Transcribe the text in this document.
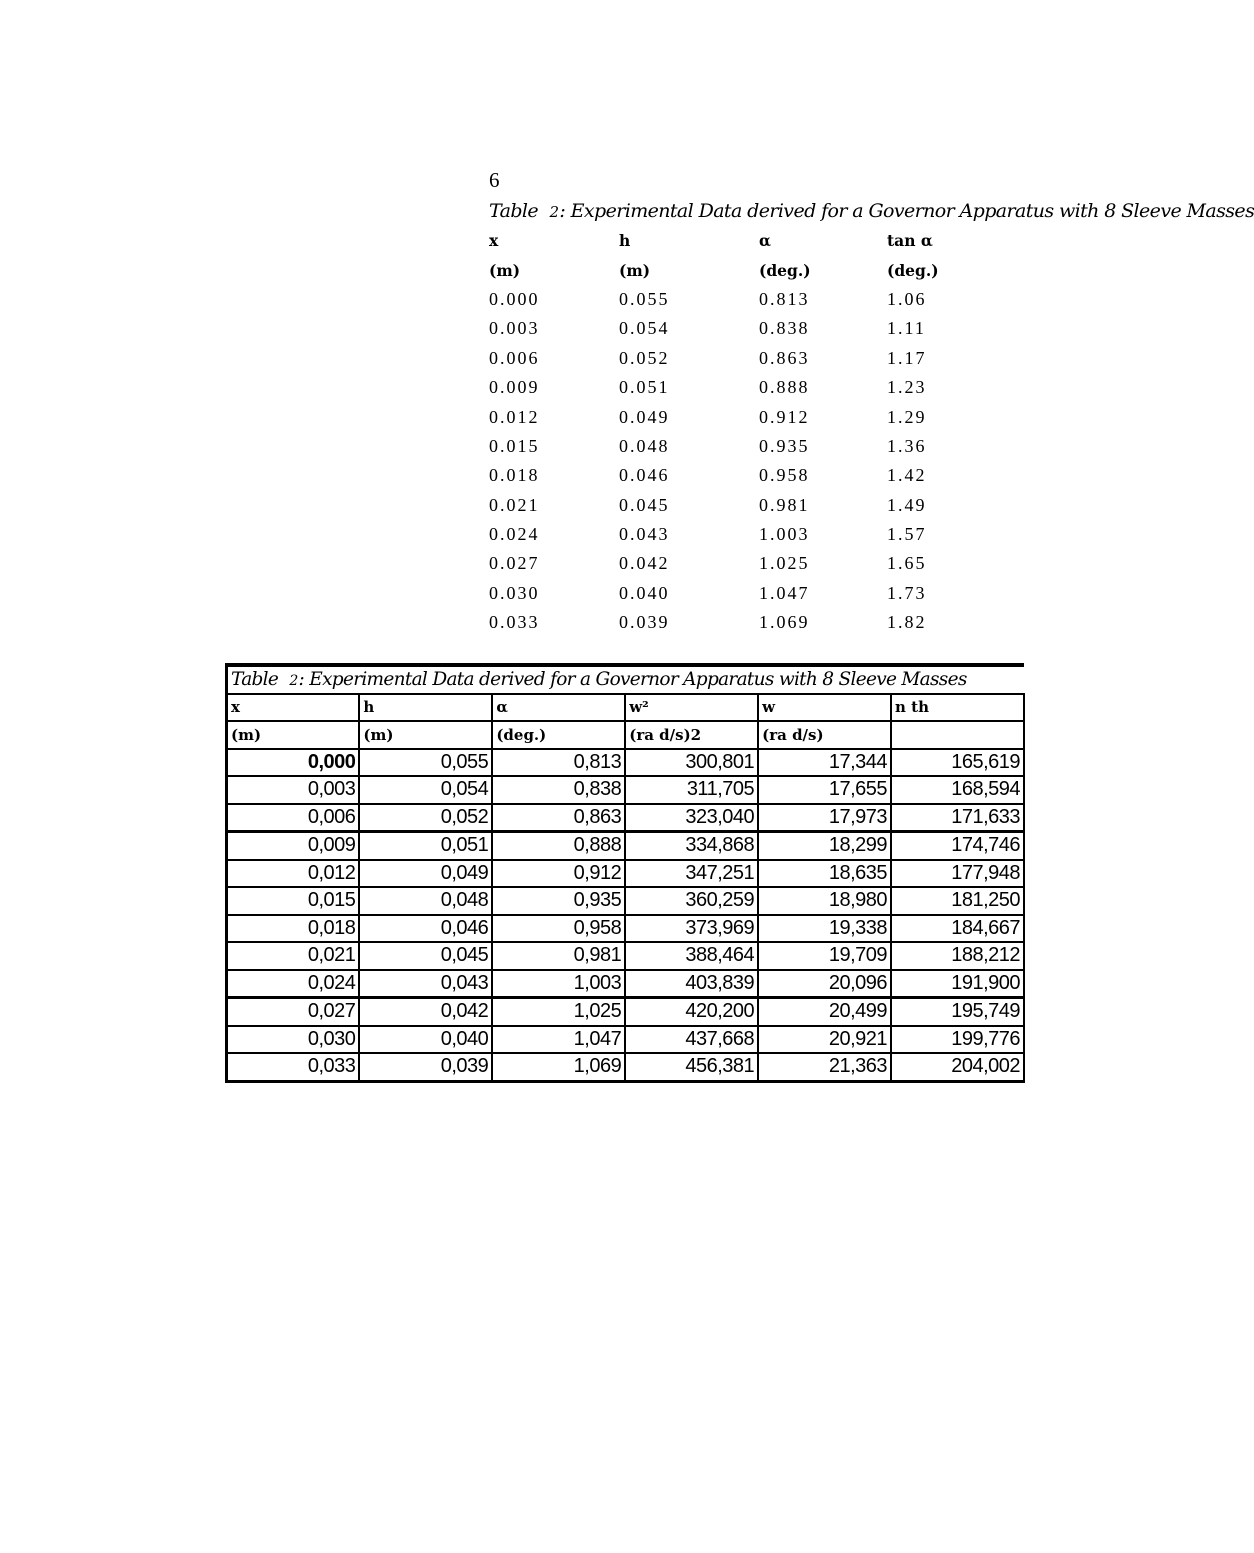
6
Table 2: Experimental Data derived for a Governor Apparatus with 8 Sleeve Masses
x	h	α	tan α
(m)	(m)	(deg.)	(deg.)
0.000	0.055	0.813	1.06
0.003	0.054	0.838	1.11
0.006	0.052	0.863	1.17
0.009	0.051	0.888	1.23
0.012	0.049	0.912	1.29
0.015	0.048	0.935	1.36
0.018	0.046	0.958	1.42
0.021	0.045	0.981	1.49
0.024	0.043	1.003	1.57
0.027	0.042	1.025	1.65
0.030	0.040	1.047	1.73
0.033	0.039	1.069	1.82
Table 2: Experimental Data derived for a Governor Apparatus with 8 Sleeve Masses					
x	h	α	w²	w	n th
(m)	(m)	(deg.)	(ra d/s)2	(ra d/s)	
0,000	0,055	0,813	300,801	17,344	165,619
0,003	0,054	0,838	311,705	17,655	168,594
0,006	0,052	0,863	323,040	17,973	171,633
0,009	0,051	0,888	334,868	18,299	174,746
0,012	0,049	0,912	347,251	18,635	177,948
0,015	0,048	0,935	360,259	18,980	181,250
0,018	0,046	0,958	373,969	19,338	184,667
0,021	0,045	0,981	388,464	19,709	188,212
0,024	0,043	1,003	403,839	20,096	191,900
0,027	0,042	1,025	420,200	20,499	195,749
0,030	0,040	1,047	437,668	20,921	199,776
0,033	0,039	1,069	456,381	21,363	204,002
